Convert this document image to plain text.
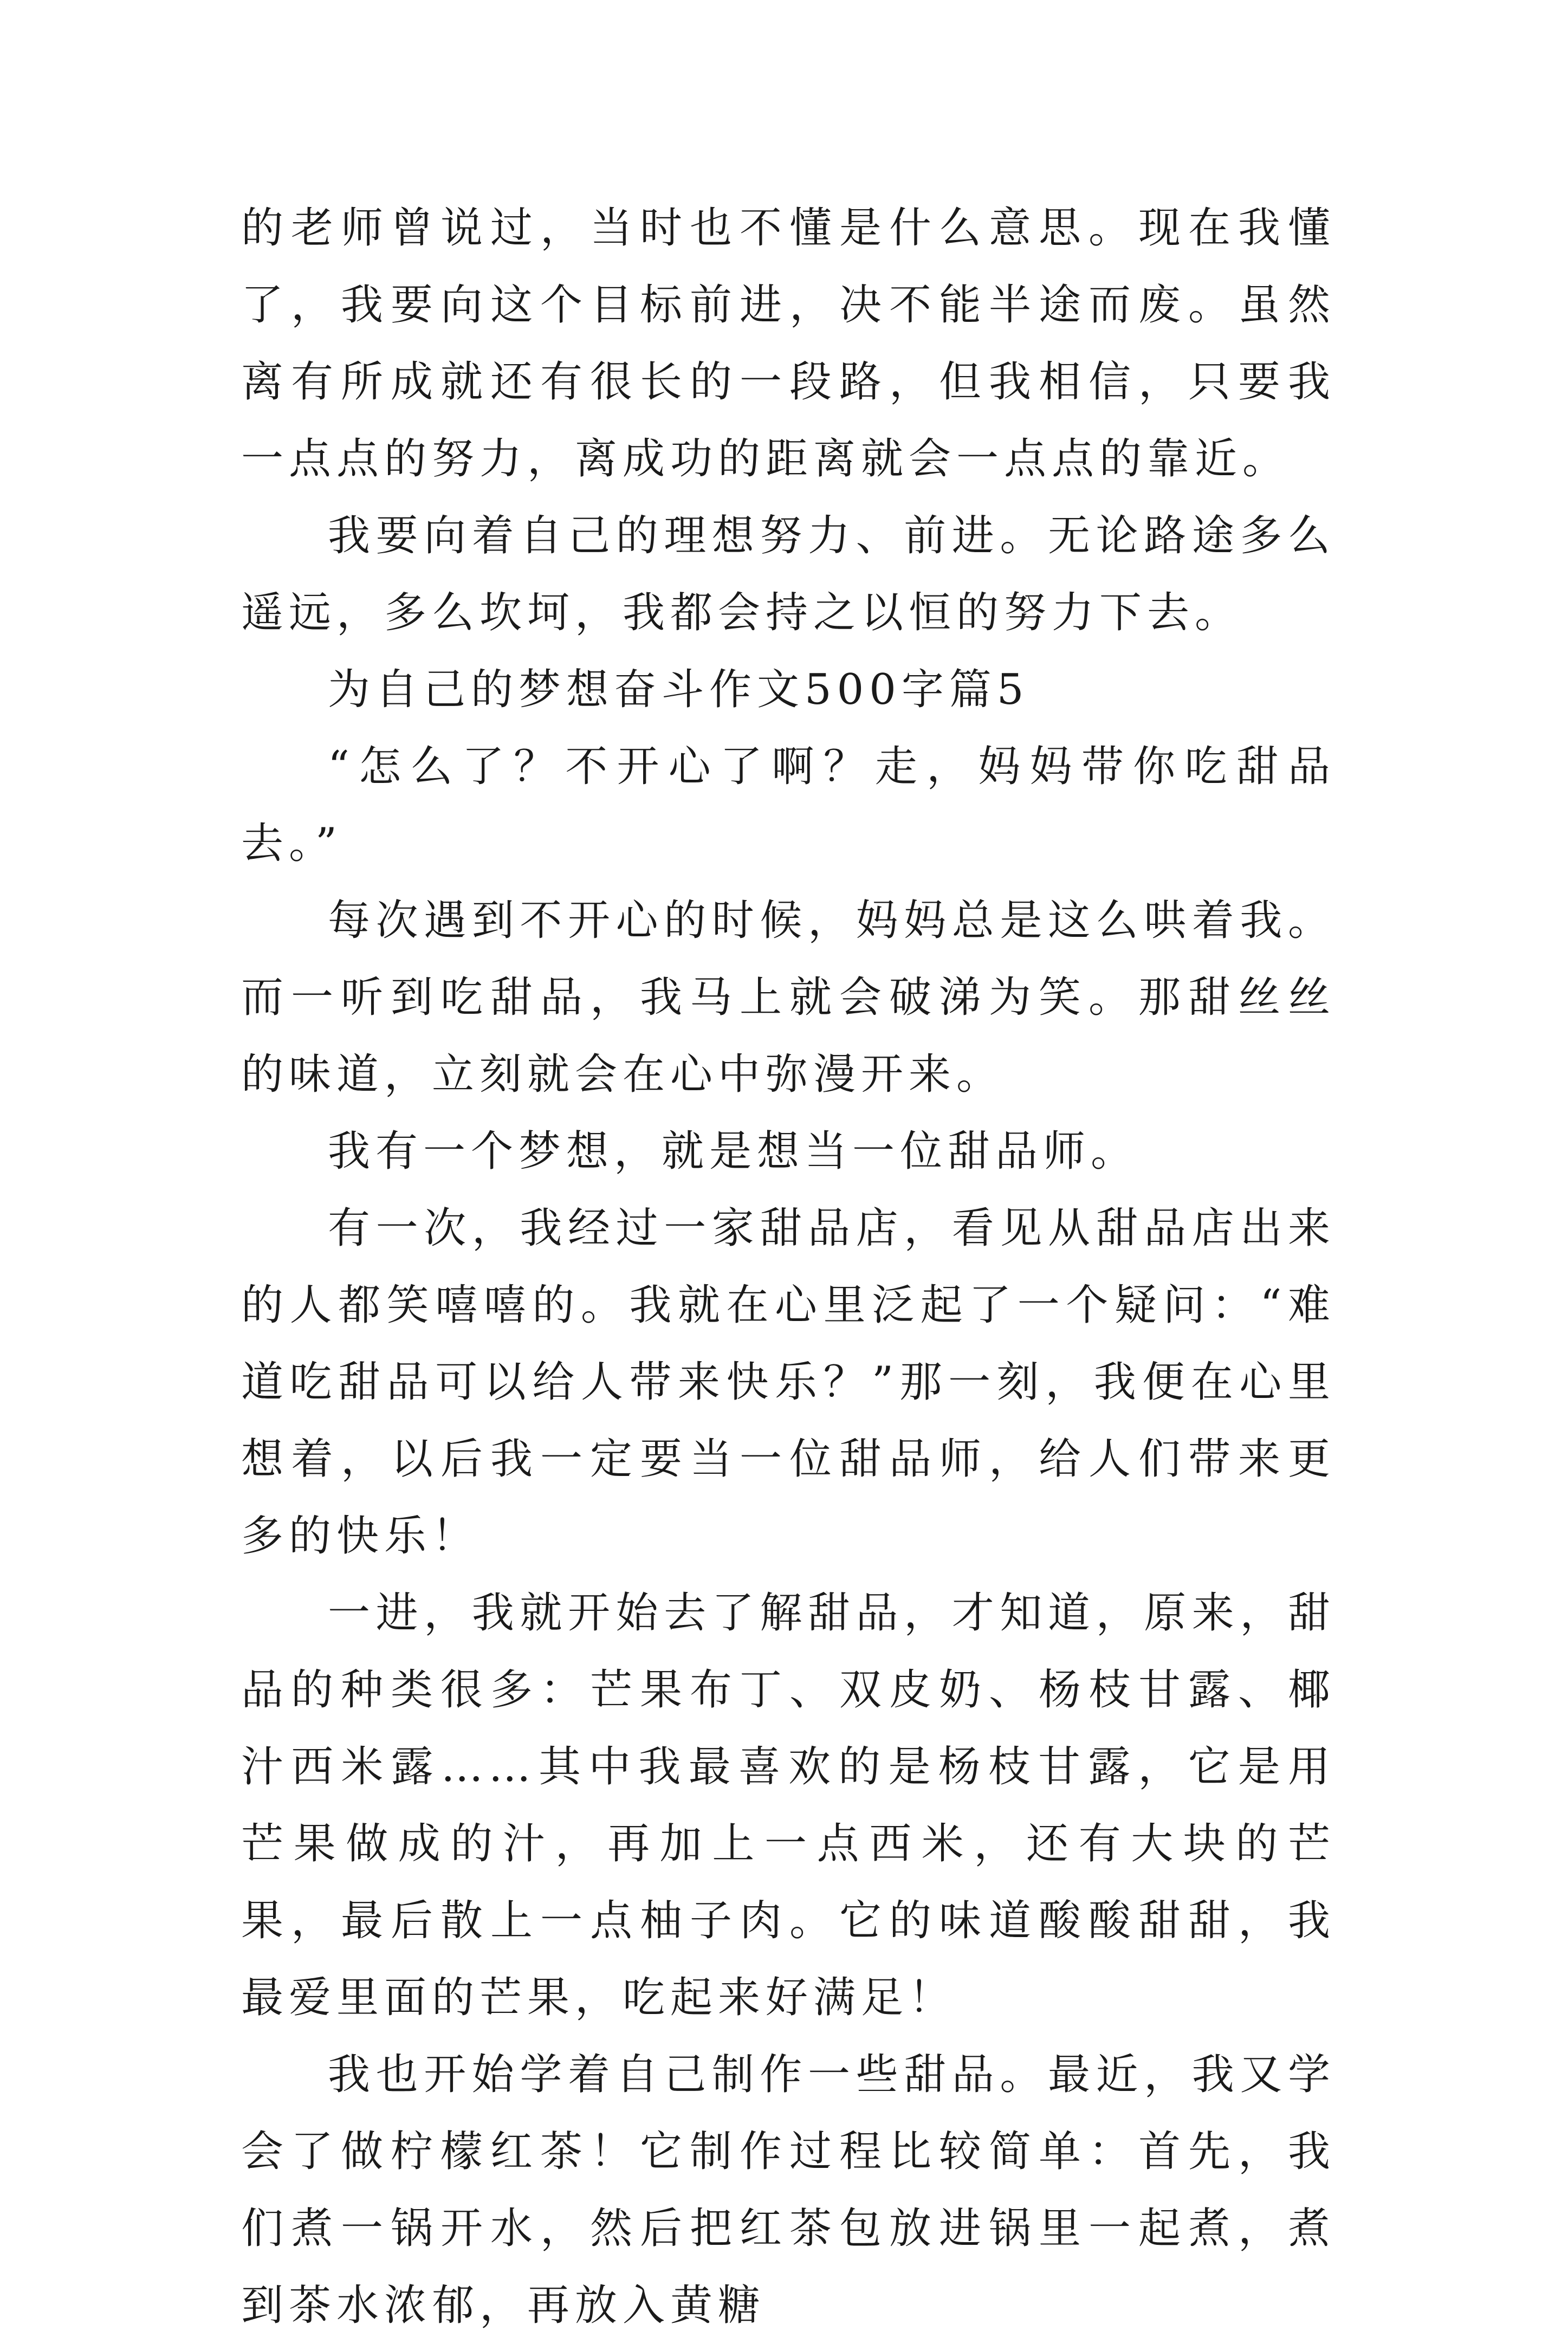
的老师曾说过，当时也不懂是什么意思。现在我懂了，我要向这个目标前进，决不能半途而废。虽然离有所成就还有很长的一段路，但我相信，只要我一点点的努力，离成功的距离就会一点点的靠近。

我要向着自己的理想努力、前进。无论路途多么遥远，多么坎坷，我都会持之以恒的努力下去。

为自己的梦想奋斗作文500字篇5

“怎么了？不开心了啊？走，妈妈带你吃甜品去。”

每次遇到不开心的时候，妈妈总是这么哄着我。而一听到吃甜品，我马上就会破涕为笑。那甜丝丝的味道，立刻就会在心中弥漫开来。

我有一个梦想，就是想当一位甜品师。

有一次，我经过一家甜品店，看见从甜品店出来的人都笑嘻嘻的。我就在心里泛起了一个疑问：“难道吃甜品可以给人带来快乐？”那一刻，我便在心里想着，以后我一定要当一位甜品师，给人们带来更多的快乐！

一进，我就开始去了解甜品，才知道，原来，甜品的种类很多：芒果布丁、双皮奶、杨枝甘露、椰汁西米露……其中我最喜欢的是杨枝甘露，它是用芒果做成的汁，再加上一点西米，还有大块的芒果，最后散上一点柚子肉。它的味道酸酸甜甜，我最爱里面的芒果，吃起来好满足！

我也开始学着自己制作一些甜品。最近，我又学会了做柠檬红茶！它制作过程比较简单：首先，我们煮一锅开水，然后把红茶包放进锅里一起煮，煮到茶水浓郁，再放入黄糖
